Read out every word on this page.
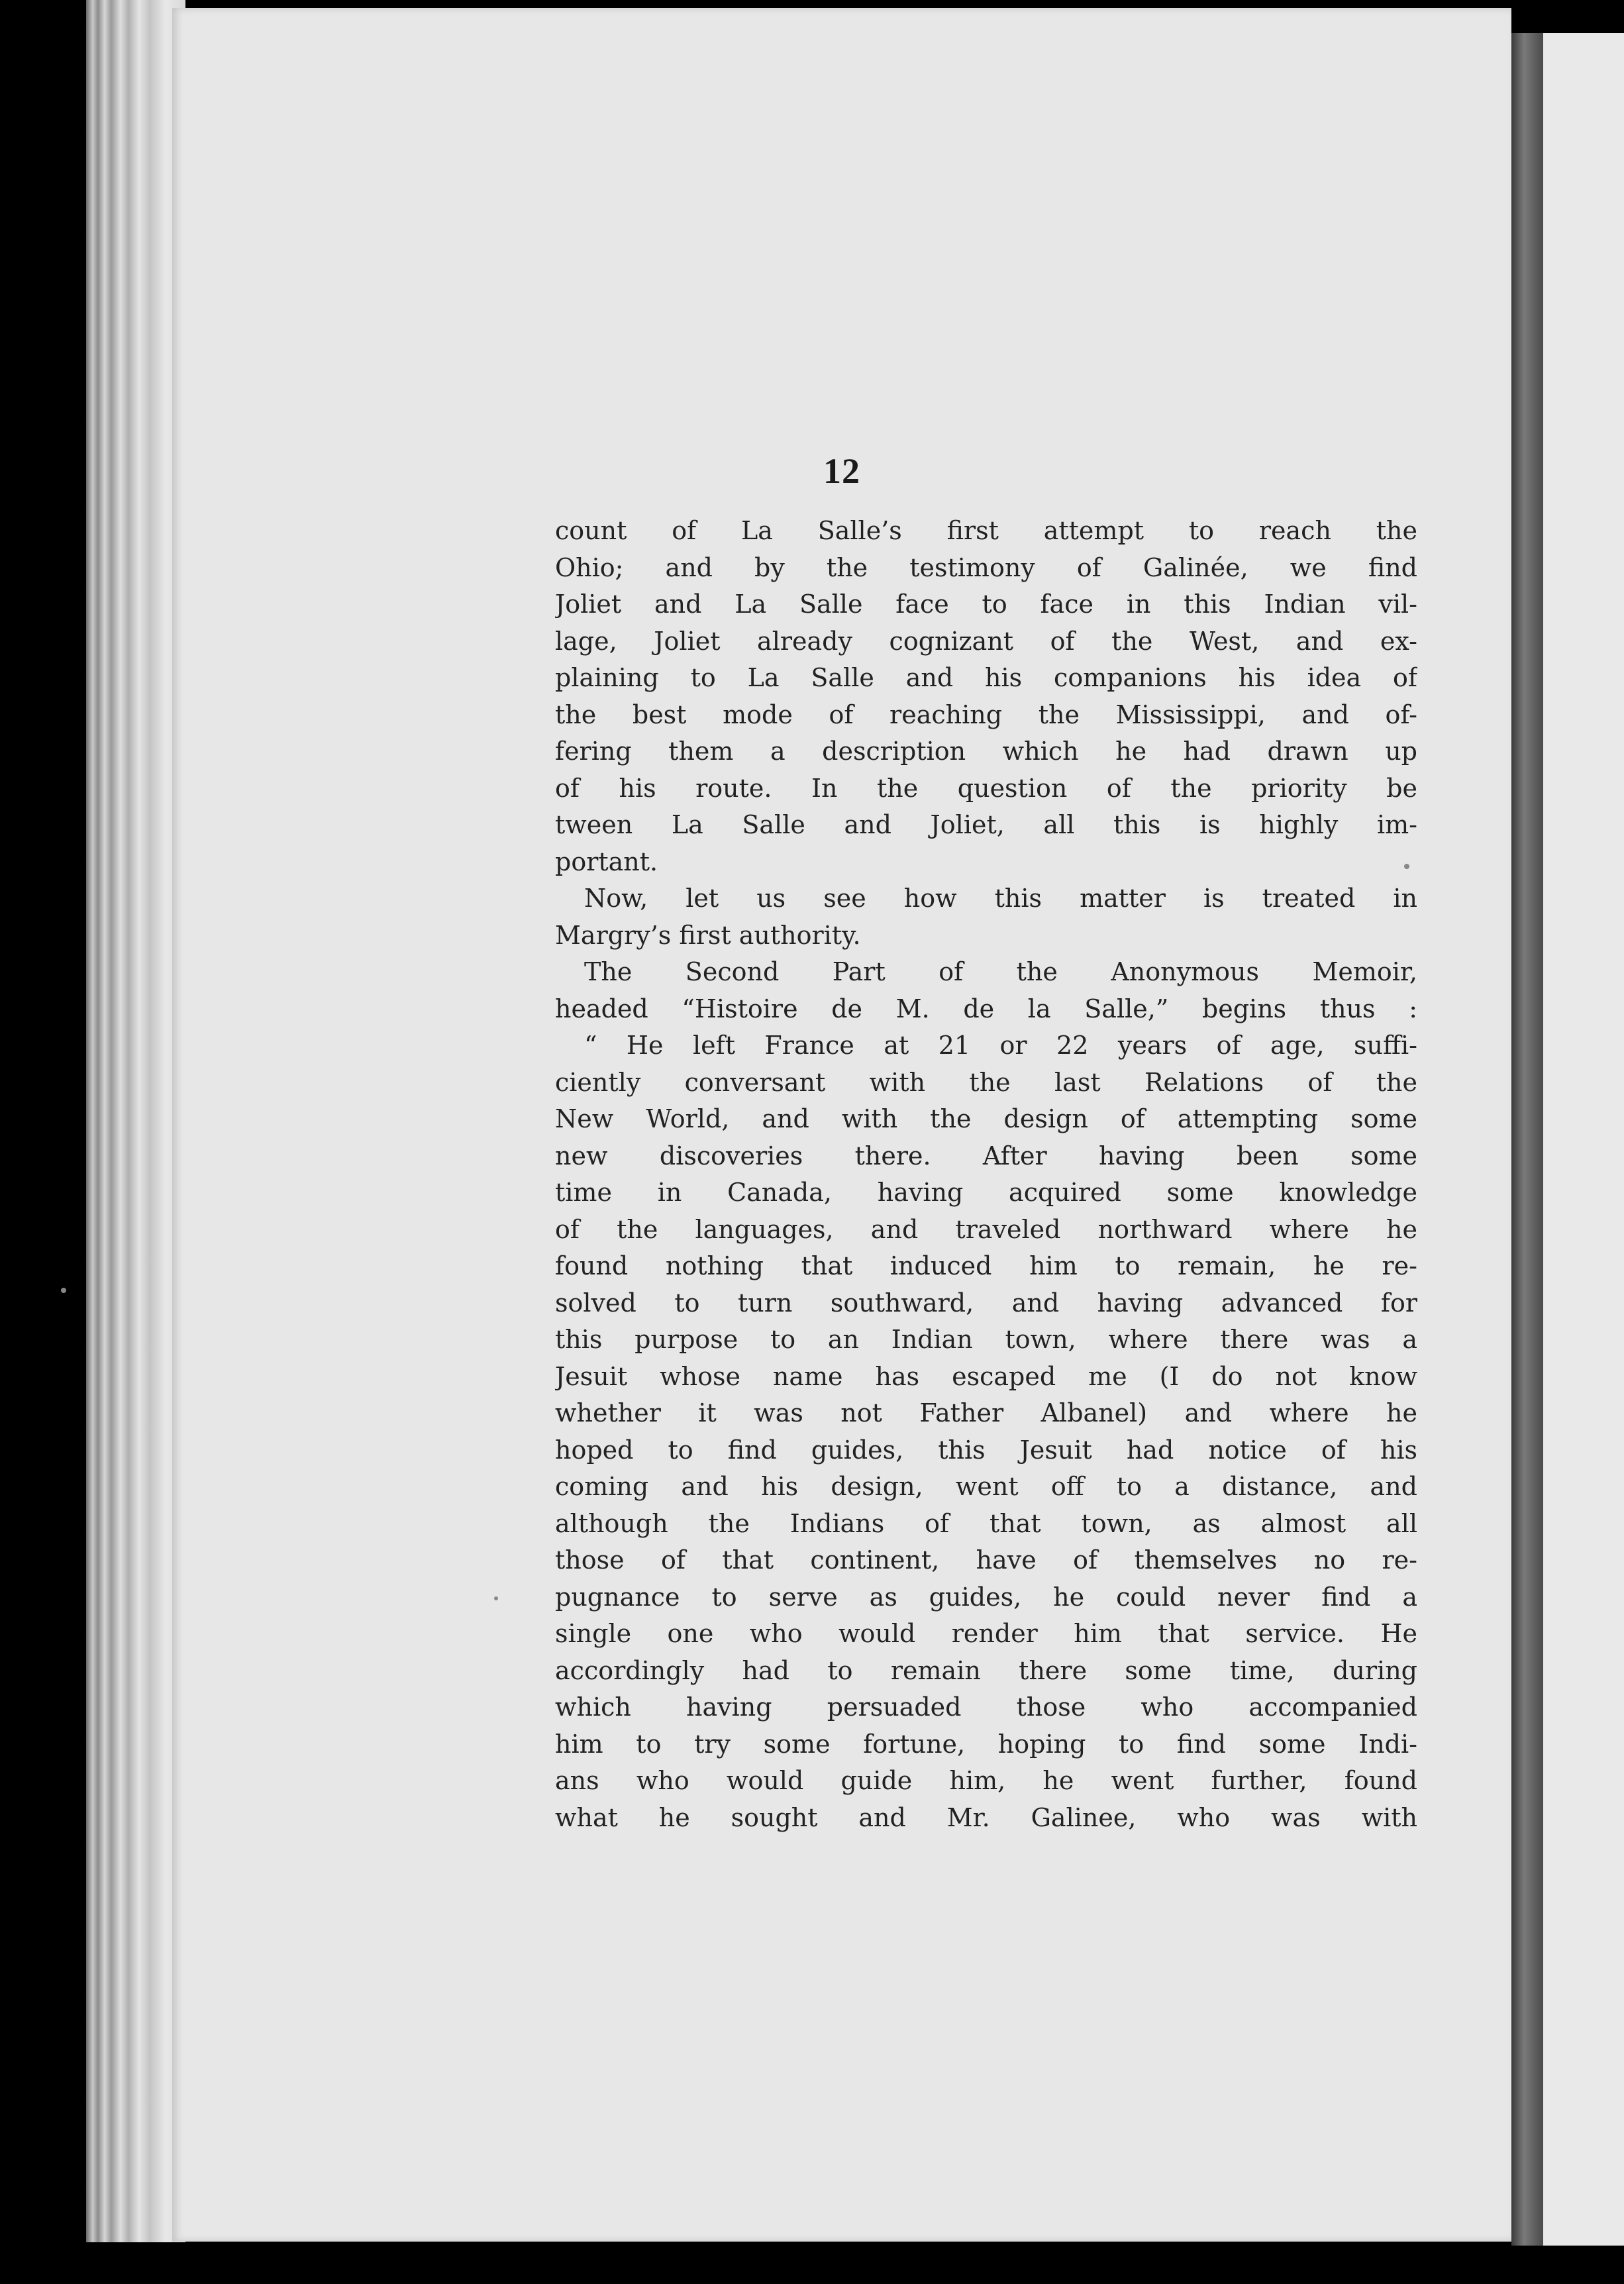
12
count of La Salle’s first attempt to reach the
Ohio; and by the testimony of Galinée, we find
Joliet and La Salle face to face in this Indian vil-
lage, Joliet already cognizant of the West, and ex-
plaining to La Salle and his companions his idea of
the best mode of reaching the Mississippi, and of-
fering them a description which he had drawn up
of his route. In the question of the priority be
tween La Salle and Joliet, all this is highly im-
portant.
Now, let us see how this matter is treated in
Margry’s first authority.
The Second Part of the Anonymous Memoir,
headed “Histoire de M. de la Salle,” begins thus :
“ He left France at 21 or 22 years of age, suffi-
ciently conversant with the last Relations of the
New World, and with the design of attempting some
new discoveries there. After having been some
time in Canada, having acquired some knowledge
of the languages, and traveled northward where he
found nothing that induced him to remain, he re-
solved to turn southward, and having advanced for
this purpose to an Indian town, where there was a
Jesuit whose name has escaped me (I do not know
whether it was not Father Albanel) and where he
hoped to find guides, this Jesuit had notice of his
coming and his design, went off to a distance, and
although the Indians of that town, as almost all
those of that continent, have of themselves no re-
pugnance to serve as guides, he could never find a
single one who would render him that service. He
accordingly had to remain there some time, during
which having persuaded those who accompanied
him to try some fortune, hoping to find some Indi-
ans who would guide him, he went further, found
what he sought and Mr. Galinee, who was with
